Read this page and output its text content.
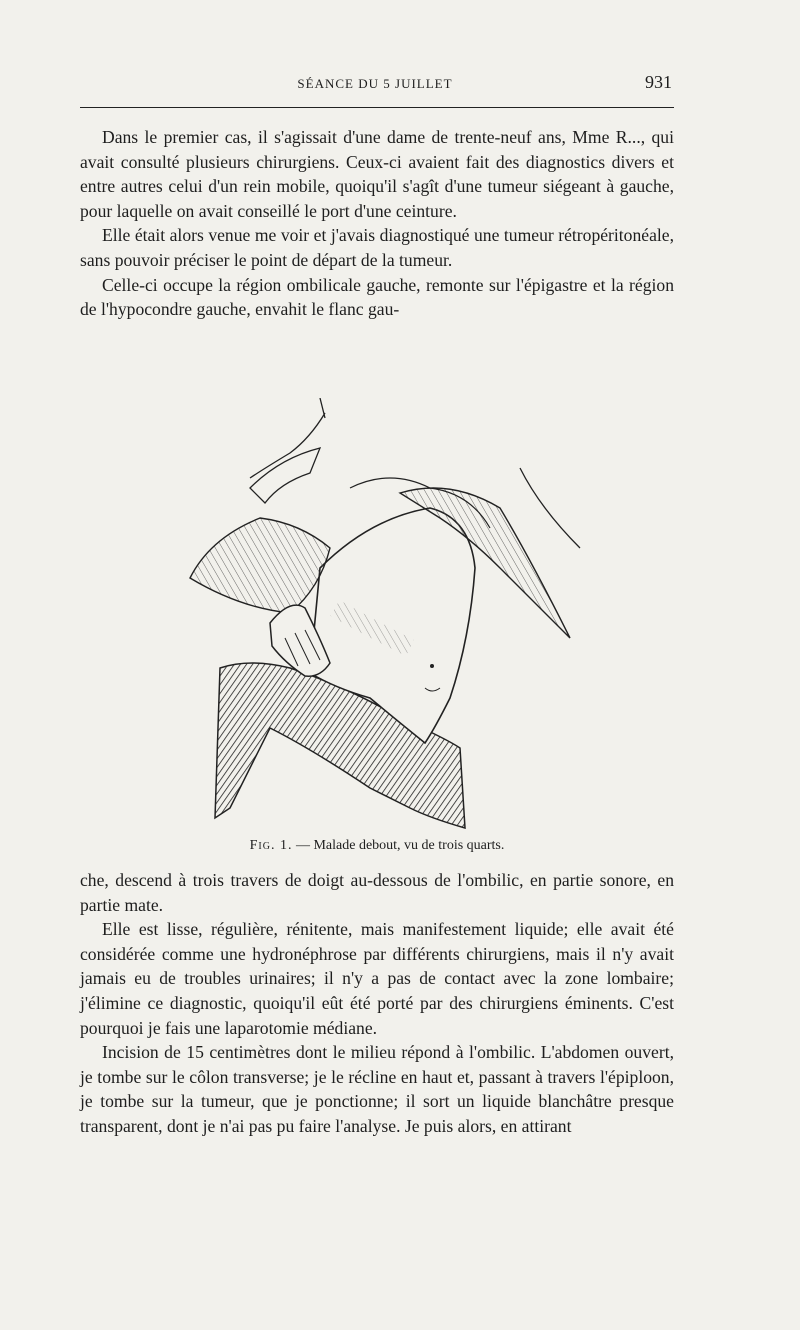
SÉANCE DU 5 JUILLET	931

Dans le premier cas, il s'agissait d'une dame de trente-neuf ans, Mme R..., qui avait consulté plusieurs chirurgiens. Ceux-ci avaient fait des diagnostics divers et entre autres celui d'un rein mobile, quoiqu'il s'agît d'une tumeur siégeant à gauche, pour laquelle on avait conseillé le port d'une ceinture.

Elle était alors venue me voir et j'avais diagnostiqué une tumeur rétropéritonéale, sans pouvoir préciser le point de départ de la tumeur.

Celle-ci occupe la région ombilicale gauche, remonte sur l'épigastre et la région de l'hypocondre gauche, envahit le flanc gau-

Fig. 1. — Malade debout, vu de trois quarts.

che, descend à trois travers de doigt au-dessous de l'ombilic, en partie sonore, en partie mate.

Elle est lisse, régulière, rénitente, mais manifestement liquide; elle avait été considérée comme une hydronéphrose par différents chirurgiens, mais il n'y avait jamais eu de troubles urinaires; il n'y a pas de contact avec la zone lombaire; j'élimine ce diagnostic, quoiqu'il eût été porté par des chirurgiens éminents. C'est pourquoi je fais une laparotomie médiane.

Incision de 15 centimètres dont le milieu répond à l'ombilic. L'abdomen ouvert, je tombe sur le côlon transverse; je le récline en haut et, passant à travers l'épiploon, je tombe sur la tumeur, que je ponctionne; il sort un liquide blanchâtre presque transparent, dont je n'ai pas pu faire l'analyse. Je puis alors, en attirant
